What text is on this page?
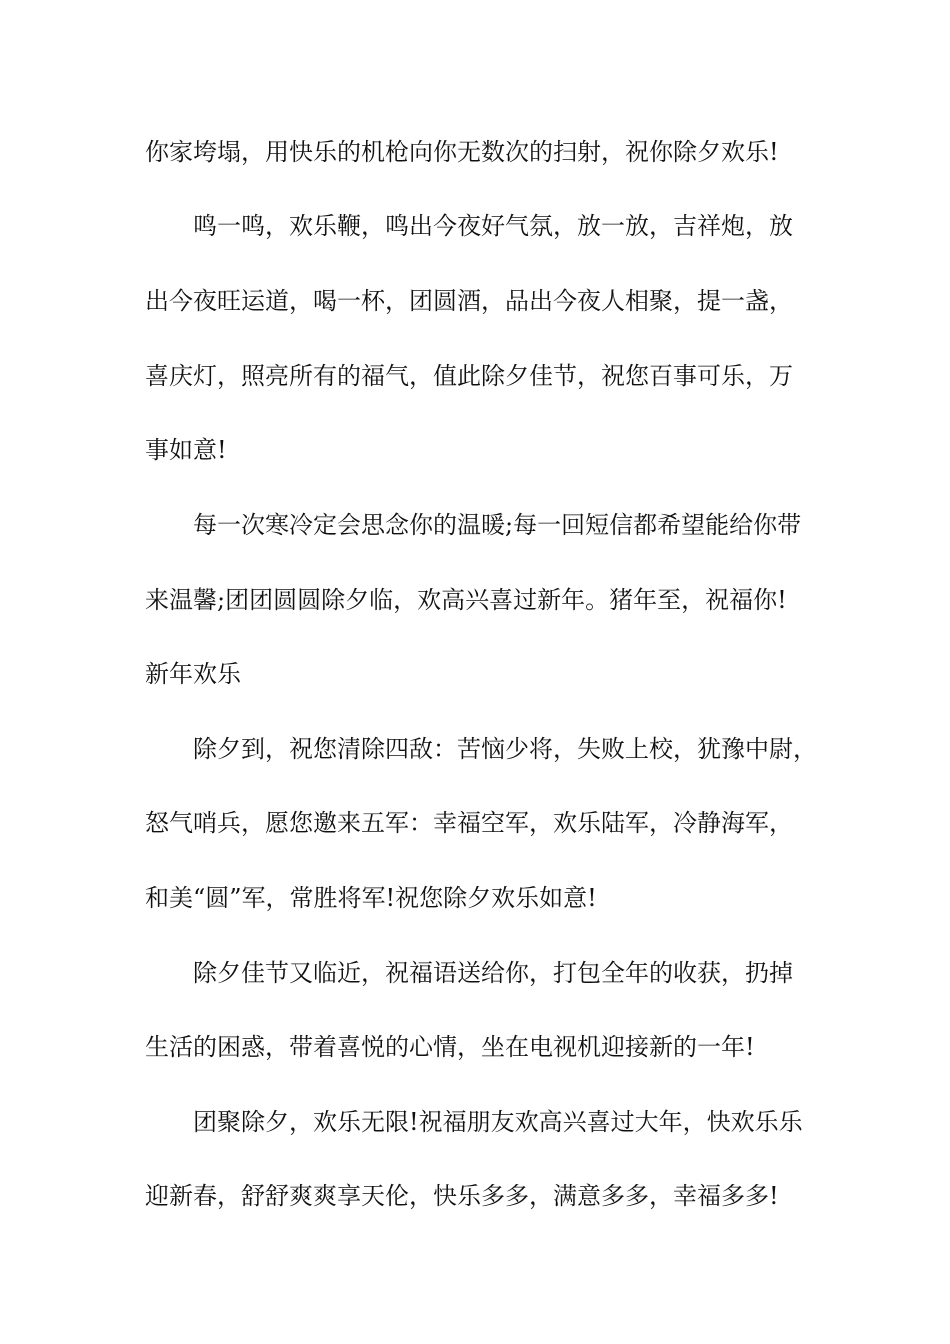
你家垮塌，用快乐的机枪向你无数次的扫射，祝你除夕欢乐!
鸣一鸣，欢乐鞭，鸣出今夜好气氛，放一放，吉祥炮，放
出今夜旺运道，喝一杯，团圆酒，品出今夜人相聚，提一盏，
喜庆灯，照亮所有的福气，值此除夕佳节，祝您百事可乐，万
事如意!
每一次寒冷定会思念你的温暖;每一回短信都希望能给你带
来温馨;团团圆圆除夕临，欢高兴喜过新年。猪年至，祝福你!
新年欢乐
除夕到，祝您清除四敌：苦恼少将，失败上校，犹豫中尉，
怒气哨兵，愿您邀来五军：幸福空军，欢乐陆军，冷静海军，
和美“圆”军，常胜将军!祝您除夕欢乐如意!
除夕佳节又临近，祝福语送给你，打包全年的收获，扔掉
生活的困惑，带着喜悦的心情，坐在电视机迎接新的一年!
团聚除夕，欢乐无限!祝福朋友欢高兴喜过大年，快欢乐乐
迎新春，舒舒爽爽享天伦，快乐多多，满意多多，幸福多多!
